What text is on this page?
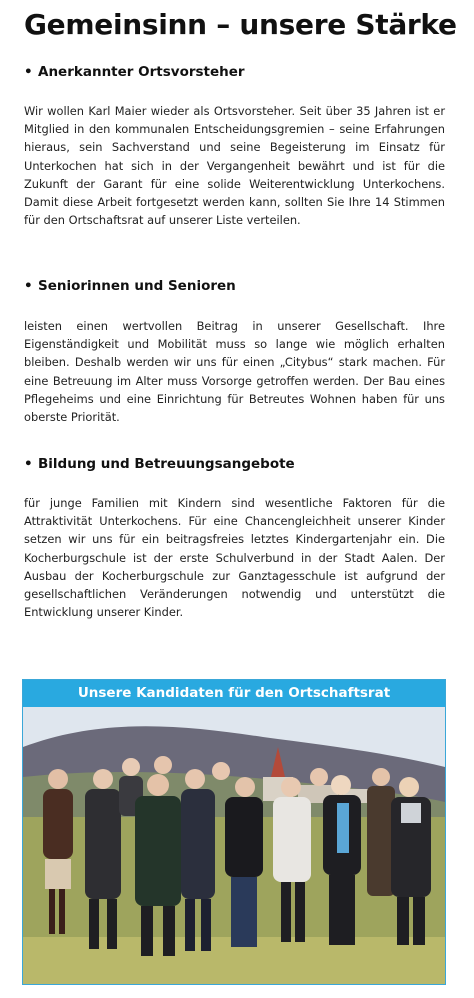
Gemeinsinn – unsere Stärke
• Anerkannter Ortsvorsteher
Wir wollen Karl Maier wieder als Ortsvorsteher. Seit über 35 Jahren ist er Mitglied in den kommunalen Entscheidungsgremien – seine Erfahrungen hieraus, sein Sachverstand und seine Begeisterung im Einsatz für Unterkochen hat sich in der Vergangenheit bewährt und ist für die Zukunft der Garant für eine solide Weiterentwicklung Unterkochens. Damit diese Arbeit fortgesetzt werden kann, sollten Sie Ihre 14 Stimmen für den Ortschaftsrat auf unserer Liste verteilen.
• Seniorinnen und Senioren
leisten einen wertvollen Beitrag in unserer Gesellschaft. Ihre Eigenständigkeit und Mobilität muss so lange wie möglich erhalten bleiben. Deshalb werden wir uns für einen „Citybus“ stark machen. Für eine Betreuung im Alter muss Vorsorge getroffen werden. Der Bau eines Pflegeheims und eine Einrichtung für Betreutes Wohnen haben für uns oberste Priorität.
• Bildung und Betreuungsangebote
für junge Familien mit Kindern sind wesentliche Faktoren für die Attraktivität Unterkochens. Für eine Chancengleichheit unserer Kinder setzen wir uns für ein beitragsfreies letztes Kindergartenjahr ein. Die Kocherburgschule ist der erste Schulverbund in der Stadt Aalen. Der Ausbau der Kocherburgschule zur Ganztagesschule ist aufgrund der gesellschaftlichen Veränderungen notwendig und unterstützt die Entwicklung unserer Kinder.
Unsere Kandidaten für den Ortschaftsrat
